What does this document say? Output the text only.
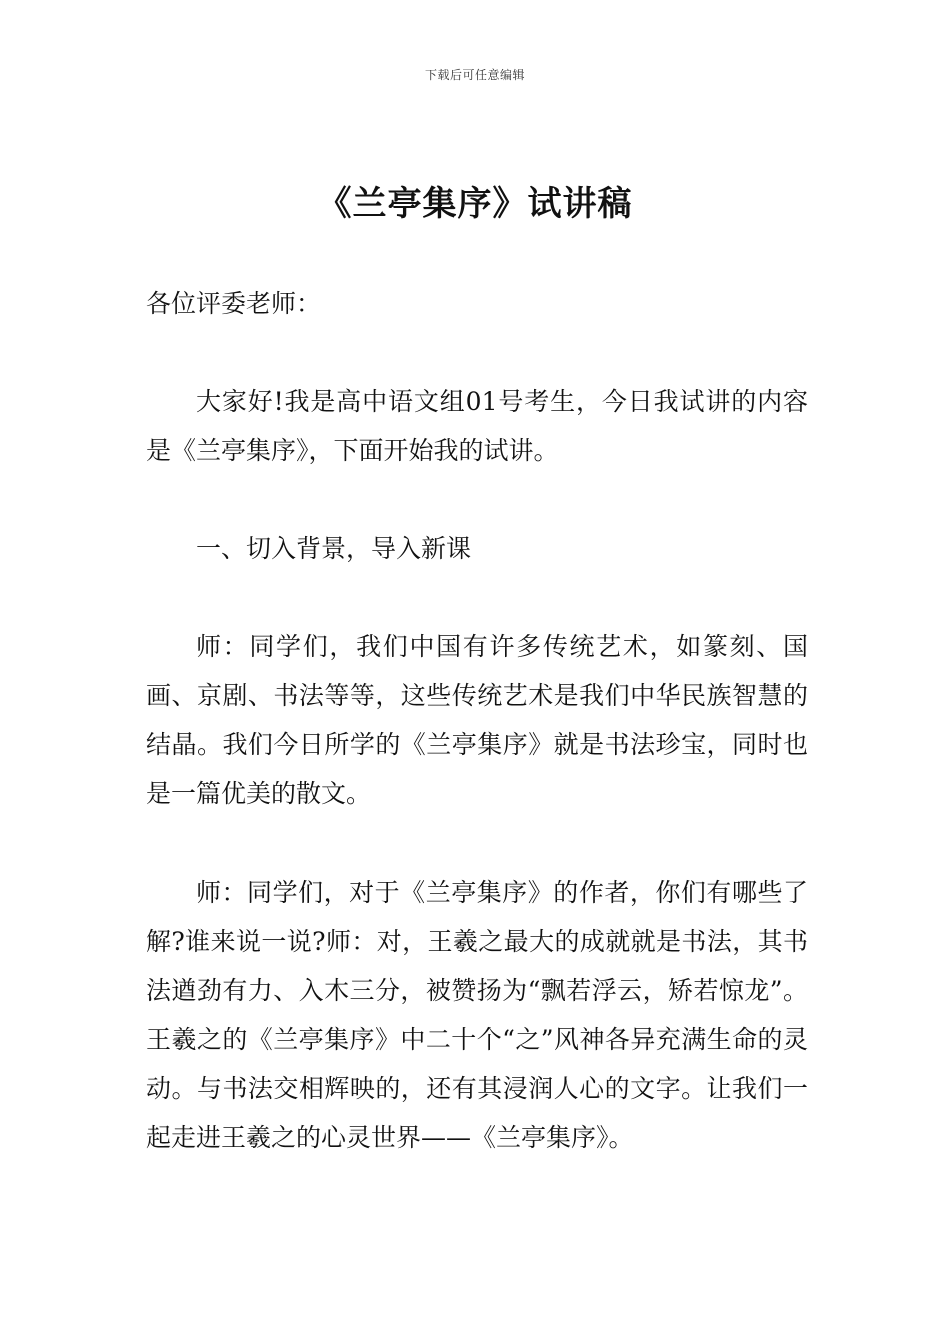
下载后可任意编辑
《兰亭集序》试讲稿
各位评委老师：
大家好!我是高中语文组01号考生，今日我试讲的内容是《兰亭集序》，下面开始我的试讲。
一、切入背景，导入新课
师：同学们，我们中国有许多传统艺术，如篆刻、国画、京剧、书法等等，这些传统艺术是我们中华民族智慧的结晶。我们今日所学的《兰亭集序》就是书法珍宝，同时也是一篇优美的散文。
师：同学们，对于《兰亭集序》的作者，你们有哪些了解?谁来说一说?师：对，王羲之最大的成就就是书法，其书法遒劲有力、入木三分，被赞扬为“飘若浮云，矫若惊龙”。王羲之的《兰亭集序》中二十个“之”风神各异充满生命的灵动。与书法交相辉映的，还有其浸润人心的文字。让我们一起走进王羲之的心灵世界——《兰亭集序》。
